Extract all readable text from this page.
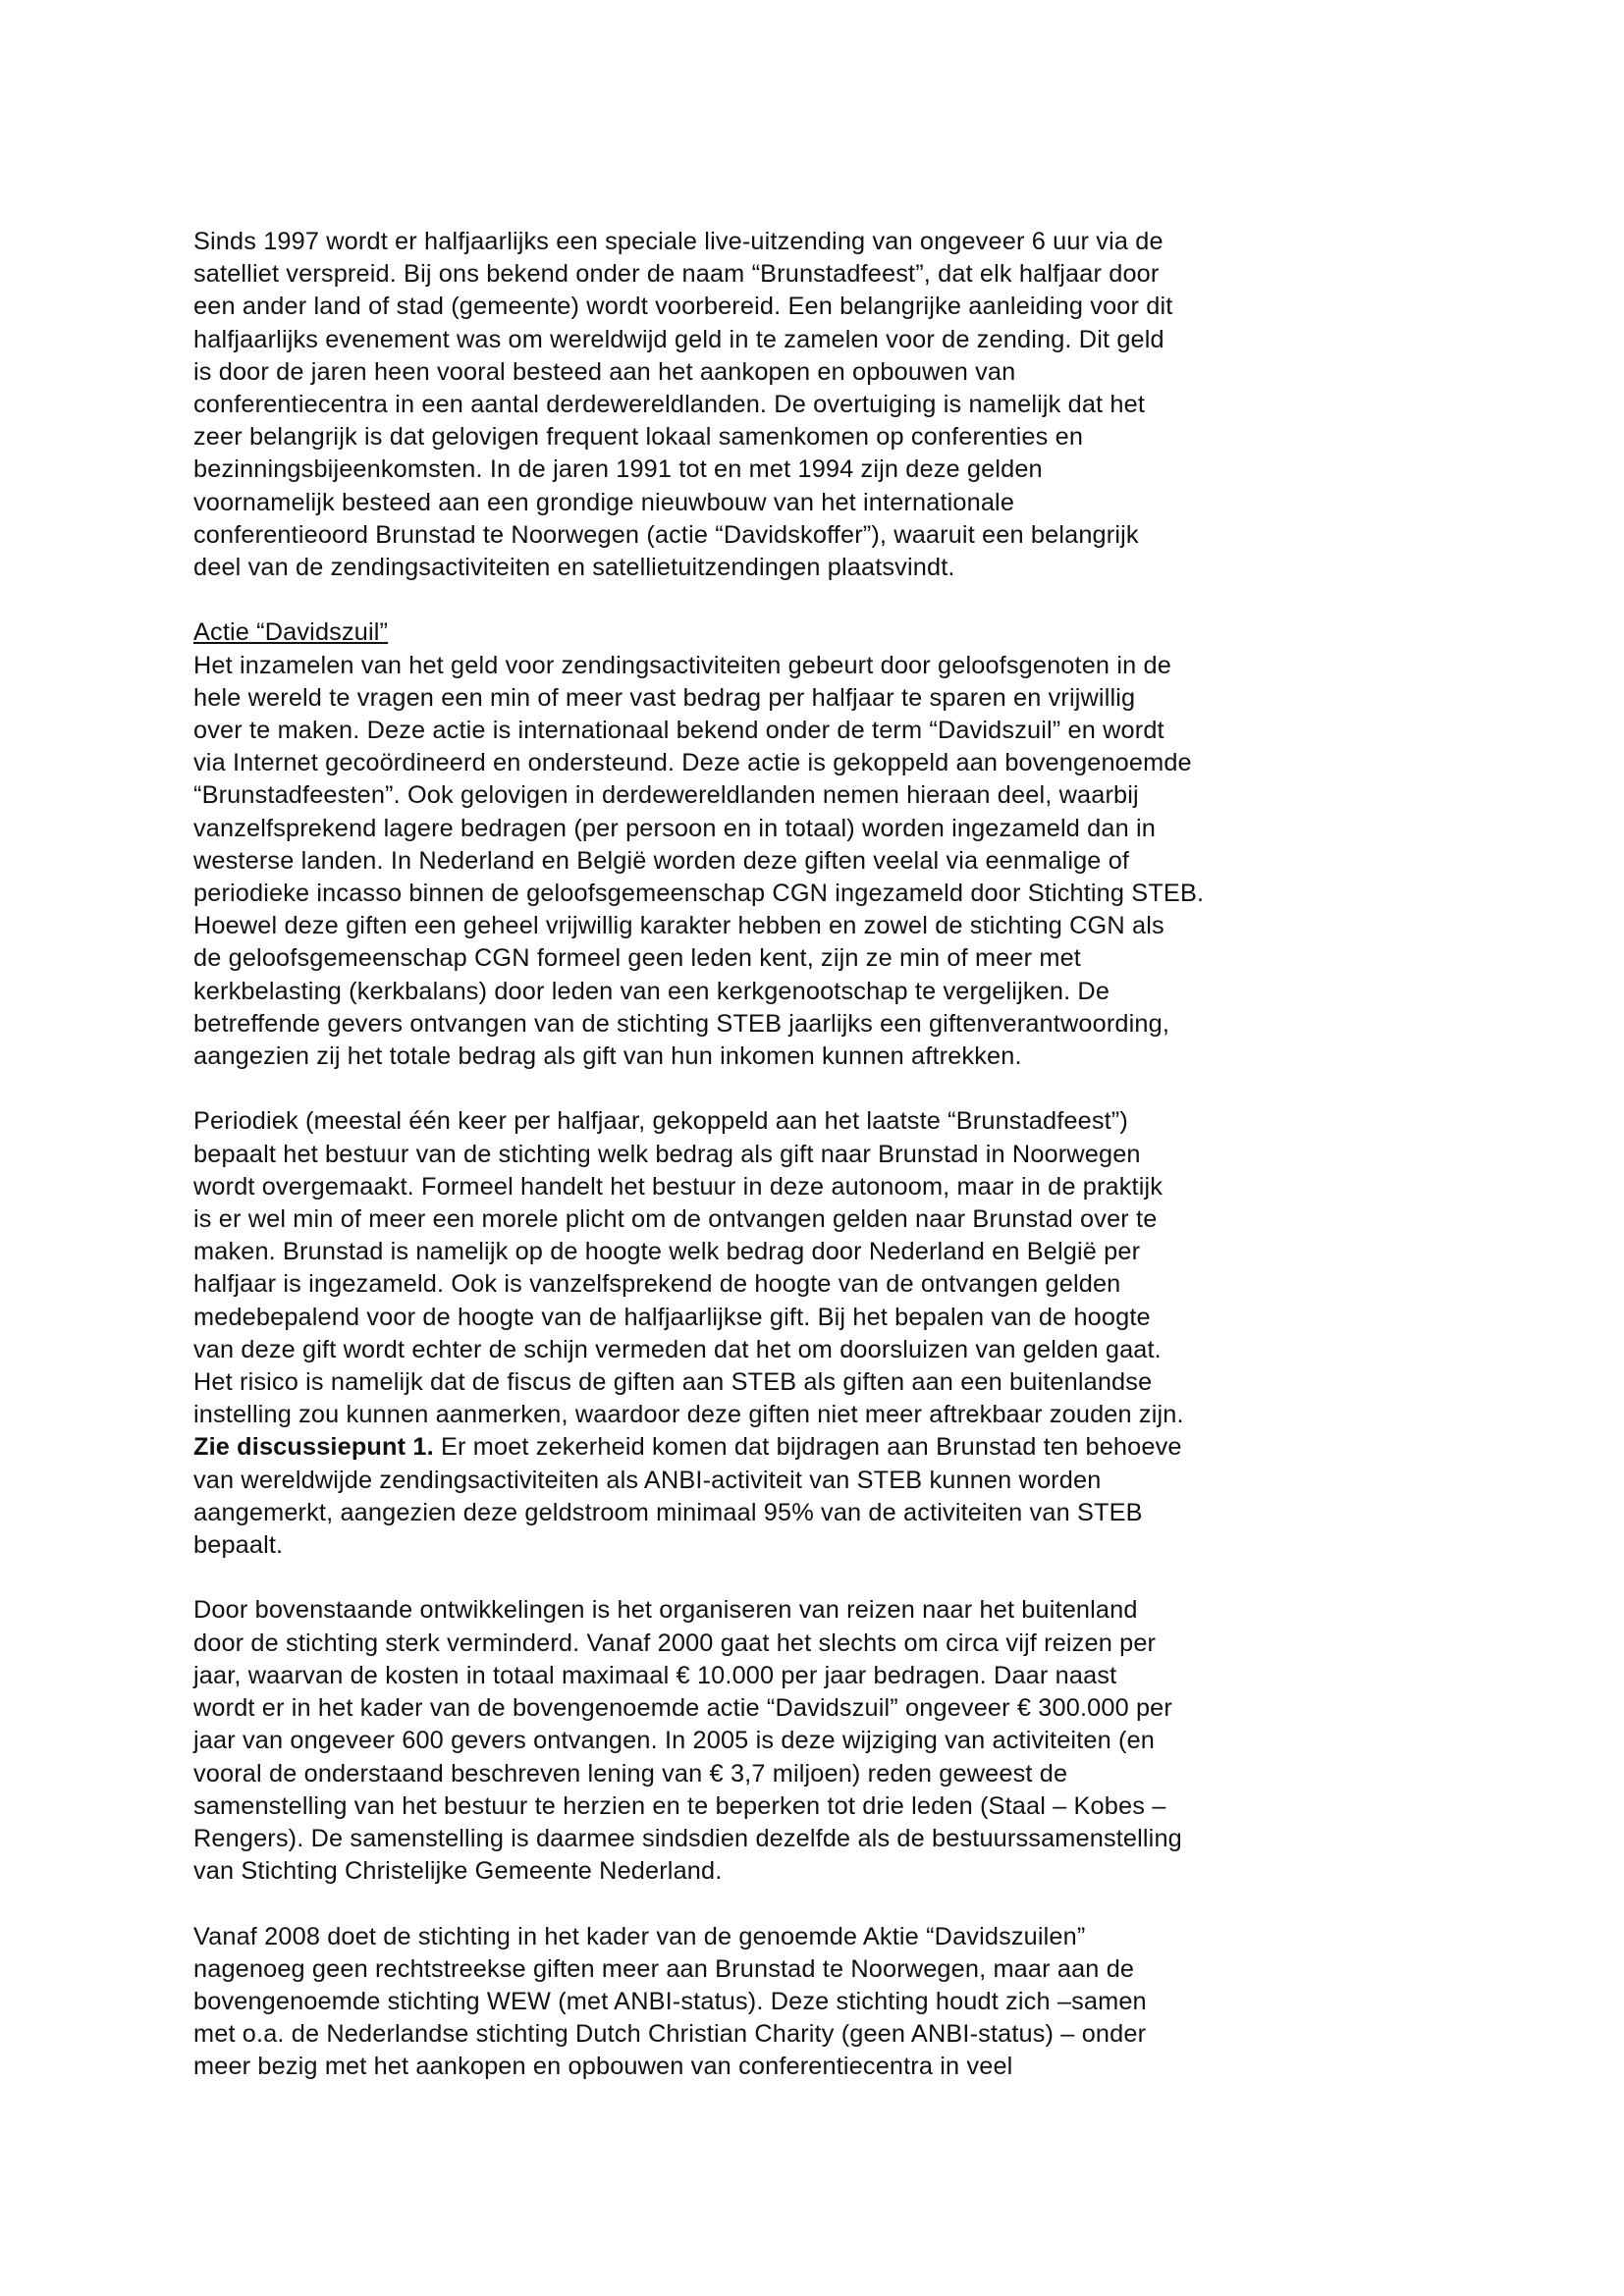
Sinds 1997 wordt er halfjaarlijks een speciale live-uitzending van ongeveer 6 uur via de
satelliet verspreid. Bij ons bekend onder de naam “Brunstadfeest”, dat elk halfjaar door
een ander land of stad (gemeente) wordt voorbereid. Een belangrijke aanleiding voor dit
halfjaarlijks evenement was om wereldwijd geld in te zamelen voor de zending. Dit geld
is door de jaren heen vooral besteed aan het aankopen en opbouwen van
conferentiecentra in een aantal derdewereldlanden. De overtuiging is namelijk dat het
zeer belangrijk is dat gelovigen frequent lokaal samenkomen op conferenties en
bezinningsbijeenkomsten. In de jaren 1991 tot en met 1994 zijn deze gelden
voornamelijk besteed aan een grondige nieuwbouw van het internationale
conferentieoord Brunstad te Noorwegen (actie “Davidskoffer”), waaruit een belangrijk
deel van de zendingsactiviteiten en satellietuitzendingen plaatsvindt.
Actie “Davidszuil”
Het inzamelen van het geld voor zendingsactiviteiten gebeurt door geloofsgenoten in de
hele wereld te vragen een min of meer vast bedrag per halfjaar te sparen en vrijwillig
over te maken. Deze actie is internationaal bekend onder de term “Davidszuil” en wordt
via Internet gecoördineerd en ondersteund. Deze actie is gekoppeld aan bovengenoemde
“Brunstadfeesten”. Ook gelovigen in derdewereldlanden nemen hieraan deel, waarbij
vanzelfsprekend lagere bedragen (per persoon en in totaal) worden ingezameld dan in
westerse landen. In Nederland en België worden deze giften veelal via eenmalige of
periodieke incasso binnen de geloofsgemeenschap CGN ingezameld door Stichting STEB.
Hoewel deze giften een geheel vrijwillig karakter hebben en zowel de stichting CGN als
de geloofsgemeenschap CGN formeel geen leden kent, zijn ze min of meer met
kerkbelasting (kerkbalans) door leden van een kerkgenootschap te vergelijken. De
betreffende gevers ontvangen van de stichting STEB jaarlijks een giftenverantwoording,
aangezien zij het totale bedrag als gift van hun inkomen kunnen aftrekken.
Periodiek (meestal één keer per halfjaar, gekoppeld aan het laatste “Brunstadfeest”)
bepaalt het bestuur van de stichting welk bedrag als gift naar Brunstad in Noorwegen
wordt overgemaakt. Formeel handelt het bestuur in deze autonoom, maar in de praktijk
is er wel min of meer een morele plicht om de ontvangen gelden naar Brunstad over te
maken. Brunstad is namelijk op de hoogte welk bedrag door Nederland en België per
halfjaar is ingezameld. Ook is vanzelfsprekend de hoogte van de ontvangen gelden
medebepalend voor de hoogte van de halfjaarlijkse gift. Bij het bepalen van de hoogte
van deze gift wordt echter de schijn vermeden dat het om doorsluizen van gelden gaat.
Het risico is namelijk dat de fiscus de giften aan STEB als giften aan een buitenlandse
instelling zou kunnen aanmerken, waardoor deze giften niet meer aftrekbaar zouden zijn.
Zie discussiepunt 1. Er moet zekerheid komen dat bijdragen aan Brunstad ten behoeve
van wereldwijde zendingsactiviteiten als ANBI-activiteit van STEB kunnen worden
aangemerkt, aangezien deze geldstroom minimaal 95% van de activiteiten van STEB
bepaalt.
Door bovenstaande ontwikkelingen is het organiseren van reizen naar het buitenland
door de stichting sterk verminderd. Vanaf 2000 gaat het slechts om circa vijf reizen per
jaar, waarvan de kosten in totaal maximaal € 10.000 per jaar bedragen. Daar naast
wordt er in het kader van de bovengenoemde actie “Davidszuil” ongeveer € 300.000 per
jaar van ongeveer 600 gevers ontvangen. In 2005 is deze wijziging van activiteiten (en
vooral de onderstaand beschreven lening van € 3,7 miljoen) reden geweest de
samenstelling van het bestuur te herzien en te beperken tot drie leden (Staal – Kobes –
Rengers). De samenstelling is daarmee sindsdien dezelfde als de bestuurssamenstelling
van Stichting Christelijke Gemeente Nederland.
Vanaf 2008 doet de stichting in het kader van de genoemde Aktie “Davidszuilen”
nagenoeg geen rechtstreekse giften meer aan Brunstad te Noorwegen, maar aan de
bovengenoemde stichting WEW (met ANBI-status). Deze stichting houdt zich –samen
met o.a. de Nederlandse stichting Dutch Christian Charity (geen ANBI-status) – onder
meer bezig met het aankopen en opbouwen van conferentiecentra in veel
